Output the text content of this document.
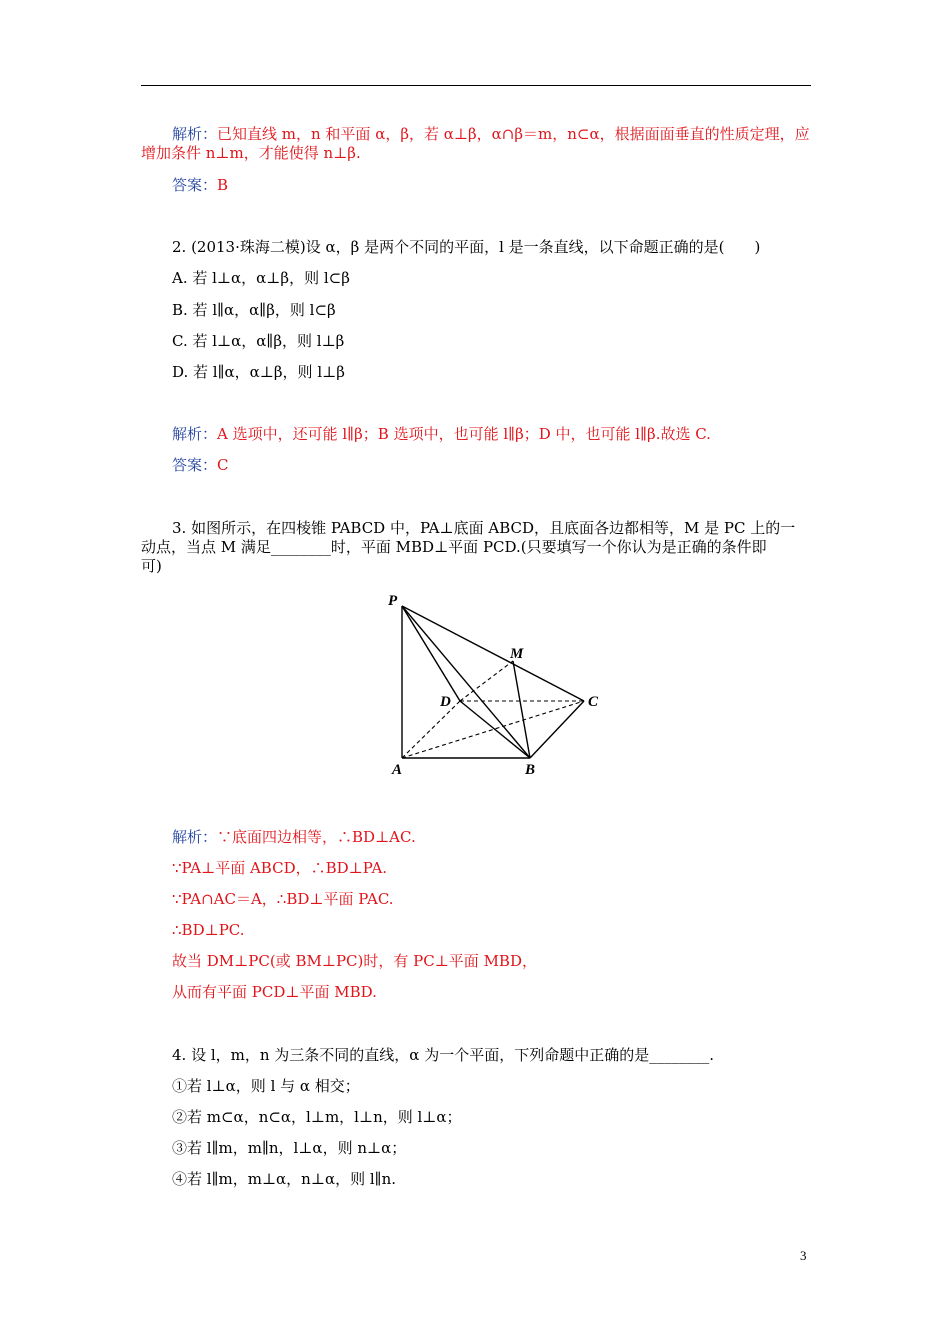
解析：已知直线 m，n 和平面 α，β，若 α⊥β，α∩β＝m，n⊂α，根据面面垂直的性质定理，应
增加条件 n⊥m，才能使得 n⊥β.
答案：B
2. (2013·珠海二模)设 α，β 是两个不同的平面，l 是一条直线，以下命题正确的是(　　)
A. 若 l⊥α，α⊥β，则 l⊂β
B. 若 l∥α，α∥β，则 l⊂β
C. 若 l⊥α，α∥β，则 l⊥β
D. 若 l∥α，α⊥β，则 l⊥β
解析：A 选项中，还可能 l∥β；B 选项中，也可能 l∥β；D 中，也可能 l∥β.故选 C.
答案：C
3. 如图所示，在四棱锥 PABCD 中，PA⊥底面 ABCD，且底面各边都相等，M 是 PC 上的一
动点，当点 M 满足________时，平面 MBD⊥平面 PCD.(只要填写一个你认为是正确的条件即
可)
P
M
D	C
A	B
解析：∵底面四边相等，∴BD⊥AC.
∵PA⊥平面 ABCD，∴BD⊥PA.
∵PA∩AC＝A，∴BD⊥平面 PAC.
∴BD⊥PC.
故当 DM⊥PC(或 BM⊥PC)时，有 PC⊥平面 MBD，
从而有平面 PCD⊥平面 MBD.
4. 设 l，m，n 为三条不同的直线，α 为一个平面，下列命题中正确的是________.
①若 l⊥α，则 l 与 α 相交；
②若 m⊂α，n⊂α，l⊥m，l⊥n，则 l⊥α；
③若 l∥m，m∥n，l⊥α，则 n⊥α；
④若 l∥m，m⊥α，n⊥α，则 l∥n.
3
